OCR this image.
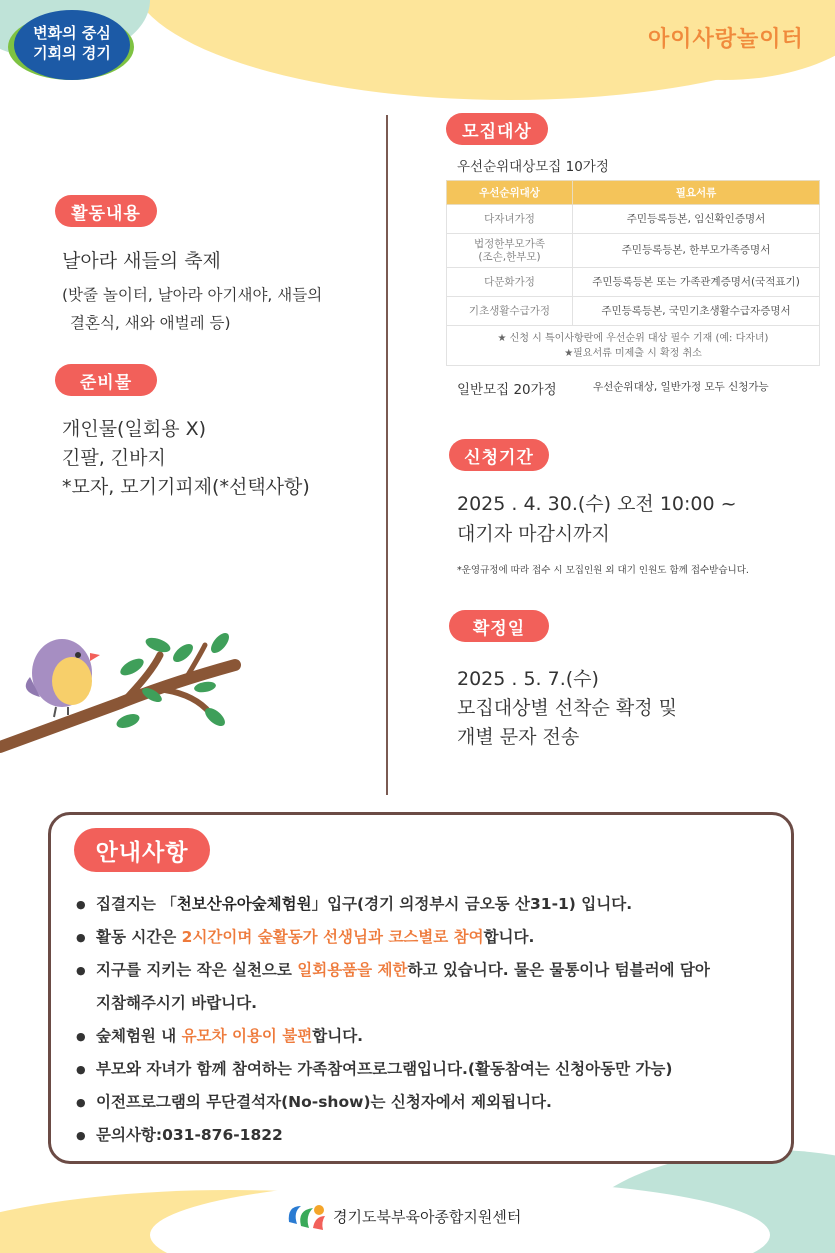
변화의 중심
기회의 경기
아이사랑놀이터
활동내용
날아라 새들의 축제
(밧줄 놀이터, 날아라 아기새야, 새들의
결혼식, 새와 애벌레 등)
준비물
개인물(일회용 X)
긴팔, 긴바지
*모자, 모기기피제(*선택사항)
모집대상
우선순위대상모집 10가정
우선순위대상	필요서류
다자녀가정	주민등록등본, 임신확인증명서
법정한부모가족
(조손,한부모)	주민등록등본, 한부모가족증명서
다문화가정	주민등록등본 또는 가족관계증명서(국적표기)
기초생활수급가정	주민등록등본, 국민기초생활수급자증명서

★ 신청 시 특이사항란에 우선순위 대상 필수 기재 (예: 다자녀)
★필요서류 미제출 시 확정 취소	
일반모집 20가정	우선순위대상, 일반가정 모두 신청가능
신청기간
2025 . 4. 30.(수) 오전 10:00 ~
대기자 마감시까지
*운영규정에 따라 접수 시 모집인원 외 대기 인원도 함께 접수받습니다.
확정일
2025 . 5. 7.(수)
모집대상별 선착순 확정 및
개별 문자 전송
안내사항
● 집결지는 「천보산유아숲체험원」입구(경기 의정부시 금오동 산31-1) 입니다.
● 활동 시간은 2시간이며 숲활동가 선생님과 코스별로 참여합니다.
● 지구를 지키는 작은 실천으로 일회용품을 제한하고 있습니다. 물은 물통이나 텀블러에 담아
지참해주시기 바랍니다.
● 숲체험원 내 유모차 이용이 불편합니다.
● 부모와 자녀가 함께 참여하는 가족참여프로그램입니다.(활동참여는 신청아동만 가능)
● 이전프로그램의 무단결석자(No-show)는 신청자에서 제외됩니다.
● 문의사항:031-876-1822
경기도북부육아종합지원센터
